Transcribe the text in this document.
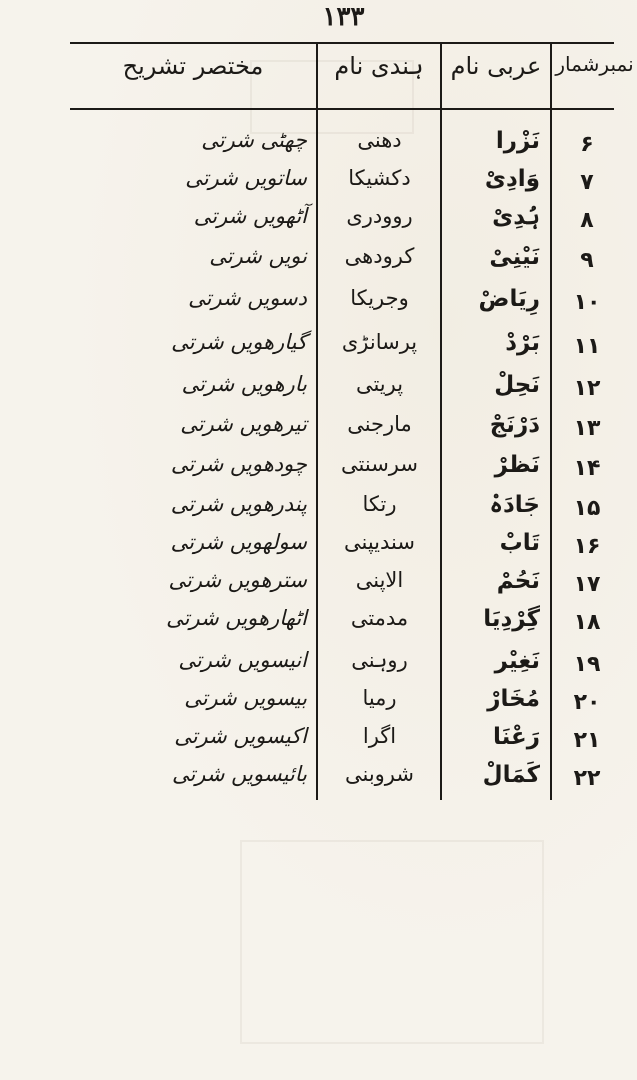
۱۳۳
نمبرشمار
عربی نام
ہندی نام
مختصر تشریح
۶
نَزْرا
دھنی
چھٹی شرتی
۷
وَادِیْ
دکشیکا
ساتویں شرتی
۸
ہُدِیْ
روودری
آٹھویں شرتی
۹
نَیْنِیْ
کرودھی
نویں شرتی
۱۰
رِیَاضْ
وجریکا
دسویں شرتی
۱۱
بَرْدْ
پرسانڑی
گیارھویں شرتی
۱۲
نَحِلْ
پریتی
بارھویں شرتی
۱۳
دَرْنَجْ
مارجنی
تیرھویں شرتی
۱۴
نَظرْ
سرسنتی
چودھویں شرتی
۱۵
جَادَہْ
رتکا
پندرھویں شرتی
۱۶
تَابْ
سندیپنی
سولھویں شرتی
۱۷
نَحُمْ
الاپنی
سترھویں شرتی
۱۸
گِرْدِیَا
مدمتی
اٹھارھویں شرتی
۱۹
نَغِیْر
روہنی
انیسویں شرتی
۲۰
مُخَارْ
رمیا
بیسویں شرتی
۲۱
رَعْنَا
اگرا
اکیسویں شرتی
۲۲
کَمَالْ
شروبنی
بائیسویں شرتی
